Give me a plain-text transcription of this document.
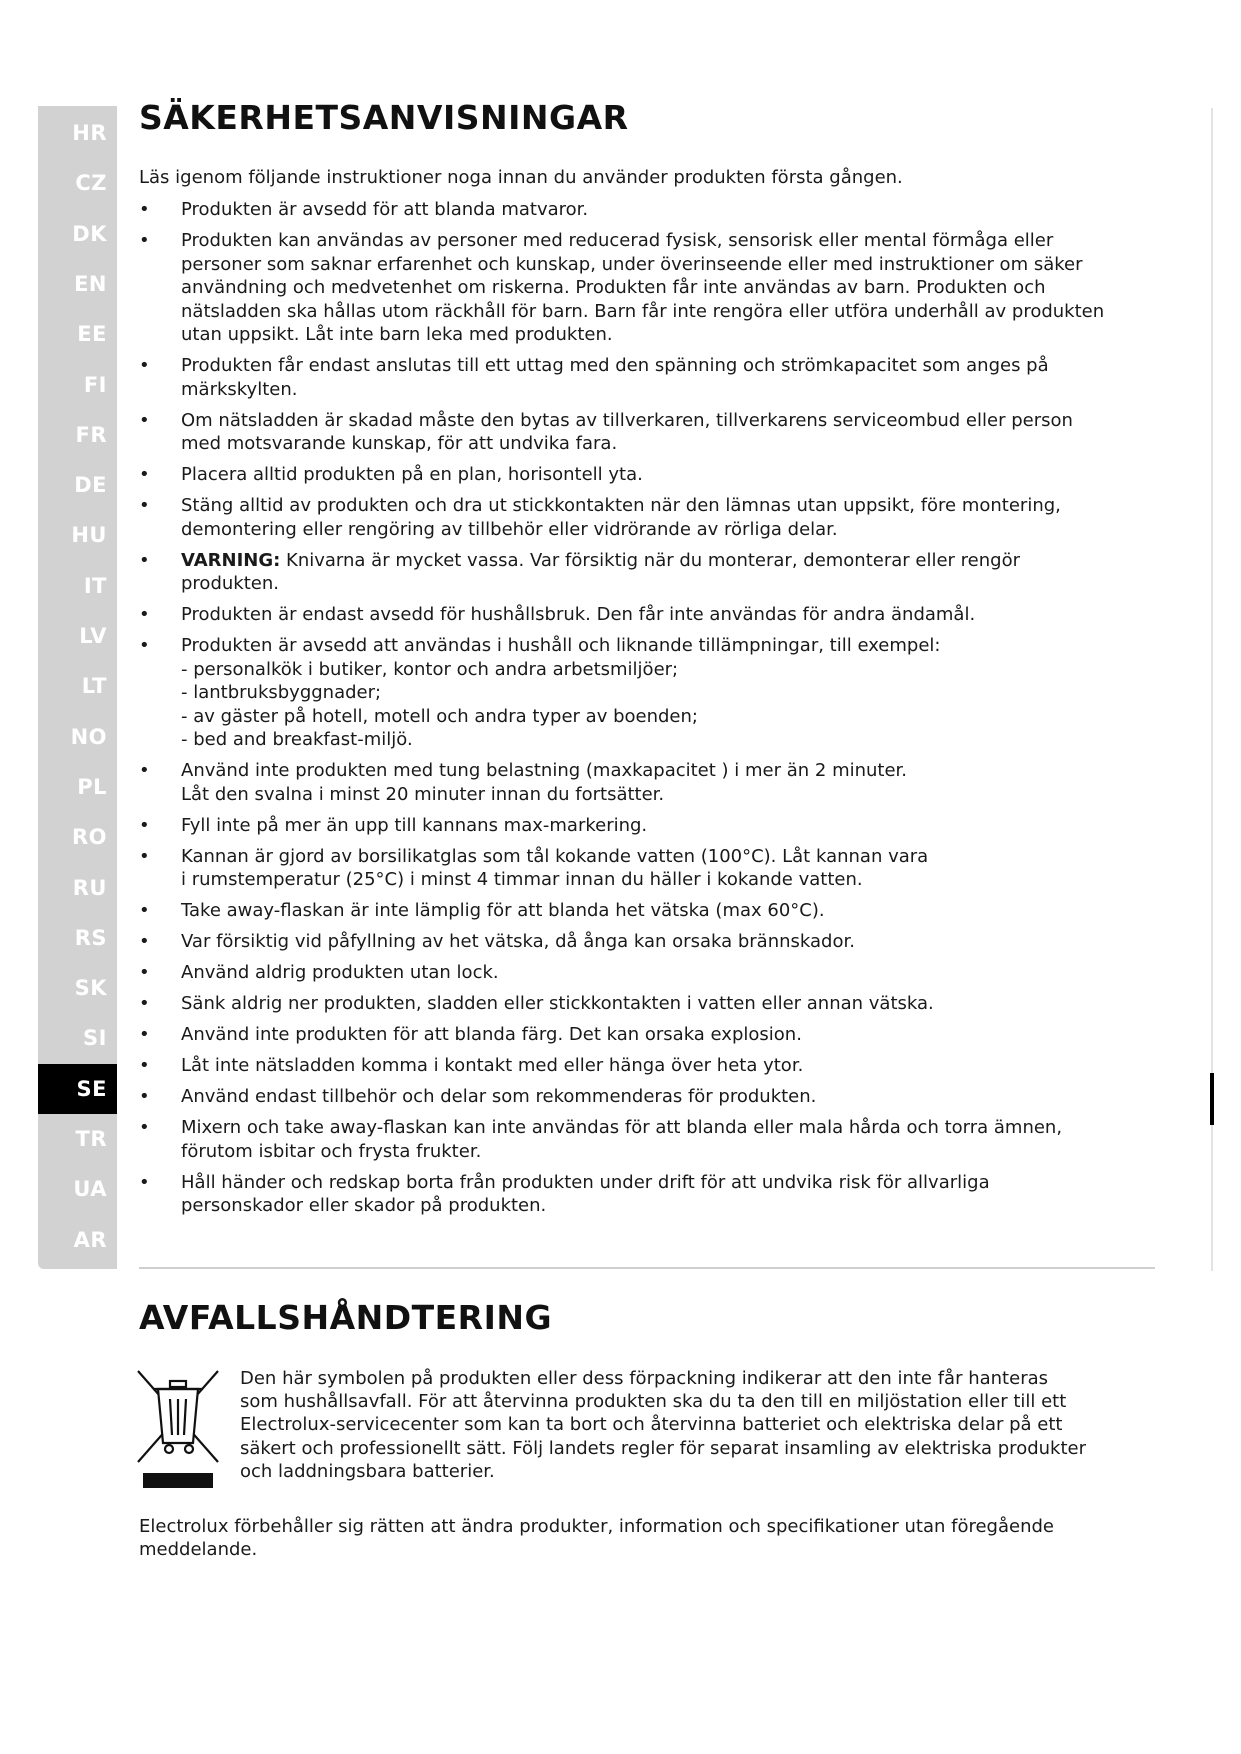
HR
CZ
DK
EN
EE
FI
FR
DE
HU
IT
LV
LT
NO
PL
RO
RU
RS
SK
SI
SE
TR
UA
AR
SÄKERHETSANVISNINGAR

Läs igenom följande instruktioner noga innan du använder produkten första gången.

• Produkten är avsedd för att blanda matvaror.
• Produkten kan användas av personer med reducerad fysisk, sensorisk eller mental förmåga eller
personer som saknar erfarenhet och kunskap, under överinseende eller med instruktioner om säker
användning och medvetenhet om riskerna. Produkten får inte användas av barn. Produkten och
nätsladden ska hållas utom räckhåll för barn. Barn får inte rengöra eller utföra underhåll av produkten
utan uppsikt. Låt inte barn leka med produkten.
• Produkten får endast anslutas till ett uttag med den spänning och strömkapacitet som anges på
märkskylten.
• Om nätsladden är skadad måste den bytas av tillverkaren, tillverkarens serviceombud eller person
med motsvarande kunskap, för att undvika fara.
• Placera alltid produkten på en plan, horisontell yta.
• Stäng alltid av produkten och dra ut stickkontakten när den lämnas utan uppsikt, före montering,
demontering eller rengöring av tillbehör eller vidrörande av rörliga delar.
• VARNING: Knivarna är mycket vassa. Var försiktig när du monterar, demonterar eller rengör
produkten.
• Produkten är endast avsedd för hushållsbruk. Den får inte användas för andra ändamål.
• Produkten är avsedd att användas i hushåll och liknande tillämpningar, till exempel:
- personalkök i butiker, kontor och andra arbetsmiljöer;
- lantbruksbyggnader;
- av gäster på hotell, motell och andra typer av boenden;
- bed and breakfast-miljö.
• Använd inte produkten med tung belastning (maxkapacitet ) i mer än 2 minuter.
Låt den svalna i minst 20 minuter innan du fortsätter.
• Fyll inte på mer än upp till kannans max-markering.
• Kannan är gjord av borsilikatglas som tål kokande vatten (100°C). Låt kannan vara
i rumstemperatur (25°C) i minst 4 timmar innan du häller i kokande vatten.
• Take away-flaskan är inte lämplig för att blanda het vätska (max 60°C).
• Var försiktig vid påfyllning av het vätska, då ånga kan orsaka brännskador.
• Använd aldrig produkten utan lock.
• Sänk aldrig ner produkten, sladden eller stickkontakten i vatten eller annan vätska.
• Använd inte produkten för att blanda färg. Det kan orsaka explosion.
• Låt inte nätsladden komma i kontakt med eller hänga över heta ytor.
• Använd endast tillbehör och delar som rekommenderas för produkten.
• Mixern och take away-flaskan kan inte användas för att blanda eller mala hårda och torra ämnen,
förutom isbitar och frysta frukter.
• Håll händer och redskap borta från produkten under drift för att undvika risk för allvarliga
personskador eller skador på produkten.
AVFALLSHÅNDTERING
Den här symbolen på produkten eller dess förpackning indikerar att den inte får hanteras
som hushållsavfall. För att återvinna produkten ska du ta den till en miljöstation eller till ett
Electrolux-servicecenter som kan ta bort och återvinna batteriet och elektriska delar på ett
säkert och professionellt sätt. Följ landets regler för separat insamling av elektriska produkter
och laddningsbara batterier.
Electrolux förbehåller sig rätten att ändra produkter, information och specifikationer utan föregående
meddelande.
